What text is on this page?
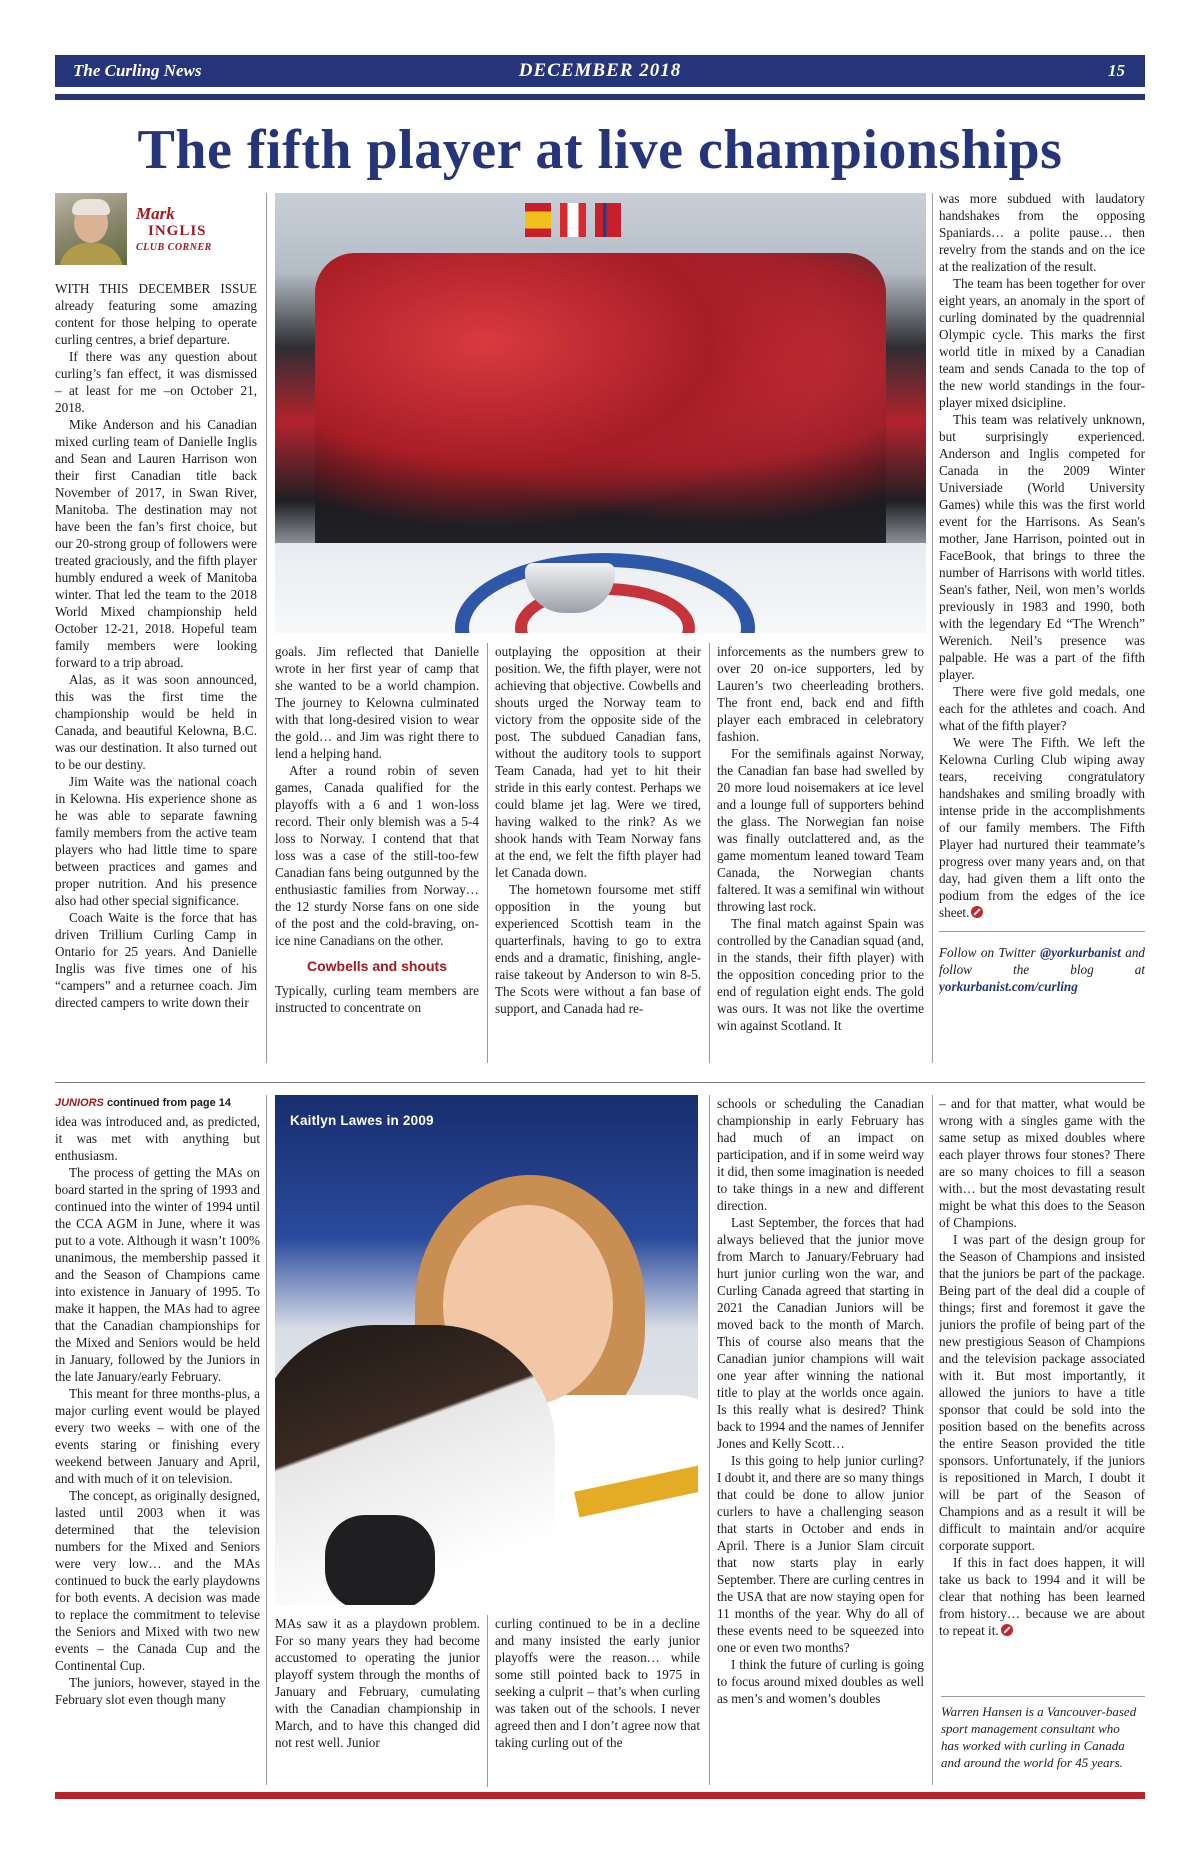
The Curling News	DECEMBER 2018	15
The fifth player at live championships
Mark
INGLIS
CLUB CORNER

WITH THIS DECEMBER ISSUE already featuring some amazing content for those helping to operate curling centres, a brief departure.

If there was any question about curling’s fan effect, it was dismissed – at least for me –on October 21, 2018.

Mike Anderson and his Canadian mixed curling team of Danielle Inglis and Sean and Lauren Harrison won their first Canadian title back November of 2017, in Swan River, Manitoba. The destination may not have been the fan’s first choice, but our 20-strong group of followers were treated graciously, and the fifth player humbly endured a week of Manitoba winter. That led the team to the 2018 World Mixed championship held October 12-21, 2018. Hopeful team family members were looking forward to a trip abroad.

Alas, as it was soon announced, this was the first time the championship would be held in Canada, and beautiful Kelowna, B.C. was our destination. It also turned out to be our destiny.

Jim Waite was the national coach in Kelowna. His experience shone as he was able to separate fawning family members from the active team players who had little time to spare between practices and games and proper nutrition. And his presence also had other special significance.

Coach Waite is the force that has driven Trillium Curling Camp in Ontario for 25 years. And Danielle Inglis was five times one of his “campers” and a returnee coach. Jim directed campers to write down their

goals. Jim reflected that Danielle wrote in her first year of camp that she wanted to be a world champion. The journey to Kelowna culminated with that long-desired vision to wear the gold… and Jim was right there to lend a helping hand.

After a round robin of seven games, Canada qualified for the playoffs with a 6 and 1 won-loss record. Their only blemish was a 5-4 loss to Norway. I contend that that loss was a case of the still-too-few Canadian fans being outgunned by the enthusiastic families from Norway… the 12 sturdy Norse fans on one side of the post and the cold-braving, on-ice nine Canadians on the other.

Cowbells and shouts

Typically, curling team members are instructed to concentrate on

outplaying the opposition at their position. We, the fifth player, were not achieving that objective. Cowbells and shouts urged the Norway team to victory from the opposite side of the post. The subdued Canadian fans, without the auditory tools to support Team Canada, had yet to hit their stride in this early contest. Perhaps we could blame jet lag. Were we tired, having walked to the rink? As we shook hands with Team Norway fans at the end, we felt the fifth player had let Canada down.

The hometown foursome met stiff opposition in the young but experienced Scottish team in the quarterfinals, having to go to extra ends and a dramatic, finishing, angle-raise takeout by Anderson to win 8-5. The Scots were without a fan base of support, and Canada had re-

inforcements as the numbers grew to over 20 on-ice supporters, led by Lauren’s two cheerleading brothers. The front end, back end and fifth player each embraced in celebratory fashion.

For the semifinals against Norway, the Canadian fan base had swelled by 20 more loud noisemakers at ice level and a lounge full of supporters behind the glass. The Norwegian fan noise was finally outclattered and, as the game momentum leaned toward Team Canada, the Norwegian chants faltered. It was a semifinal win without throwing last rock.

The final match against Spain was controlled by the Canadian squad (and, in the stands, their fifth player) with the opposition conceding prior to the end of regulation eight ends. The gold was ours. It was not like the overtime win against Scotland. It

was more subdued with laudatory handshakes from the opposing Spaniards… a polite pause… then revelry from the stands and on the ice at the realization of the result.

The team has been together for over eight years, an anomaly in the sport of curling dominated by the quadrennial Olympic cycle. This marks the first world title in mixed by a Canadian team and sends Canada to the top of the new world standings in the four-player mixed dsicipline.

This team was relatively unknown, but surprisingly experienced. Anderson and Inglis competed for Canada in the 2009 Winter Universiade (World University Games) while this was the first world event for the Harrisons. As Sean's mother, Jane Harrison, pointed out in FaceBook, that brings to three the number of Harrisons with world titles. Sean's father, Neil, won men’s worlds previously in 1983 and 1990, both with the legendary Ed “The Wrench” Werenich. Neil’s presence was palpable. He was a part of the fifth player.

There were five gold medals, one each for the athletes and coach. And what of the fifth player?

We were The Fifth. We left the Kelowna Curling Club wiping away tears, receiving congratulatory handshakes and smiling broadly with intense pride in the accomplishments of our family members. The Fifth Player had nurtured their teammate’s progress over many years and, on that day, had given them a lift onto the podium from the edges of the ice sheet.

Follow on Twitter @yorkurbanist and follow the blog at yorkurbanist.com/curling

JUNIORS continued from page 14

idea was introduced and, as predicted, it was met with anything but enthusiasm.

The process of getting the MAs on board started in the spring of 1993 and continued into the winter of 1994 until the CCA AGM in June, where it was put to a vote. Although it wasn’t 100% unanimous, the membership passed it and the Season of Champions came into existence in January of 1995. To make it happen, the MAs had to agree that the Canadian championships for the Mixed and Seniors would be held in January, followed by the Juniors in the late January/early February.

This meant for three months-plus, a major curling event would be played every two weeks – with one of the events staring or finishing every weekend between January and April, and with much of it on television.

The concept, as originally designed, lasted until 2003 when it was determined that the television numbers for the Mixed and Seniors were very low… and the MAs continued to buck the early playdowns for both events. A decision was made to replace the commitment to televise the Seniors and Mixed with two new events – the Canada Cup and the Continental Cup.

The juniors, however, stayed in the February slot even though many

Kaitlyn Lawes in 2009

MAs saw it as a playdown problem. For so many years they had become accustomed to operating the junior playoff system through the months of January and February, cumulating with the Canadian championship in March, and to have this changed did not rest well. Junior

curling continued to be in a decline and many insisted the early junior playoffs were the reason… while some still pointed back to 1975 in seeking a culprit – that’s when curling was taken out of the schools. I never agreed then and I don’t agree now that taking curling out of the

schools or scheduling the Canadian championship in early February has had much of an impact on participation, and if in some weird way it did, then some imagination is needed to take things in a new and different direction.

Last September, the forces that had always believed that the junior move from March to January/February had hurt junior curling won the war, and Curling Canada agreed that starting in 2021 the Canadian Juniors will be moved back to the month of March. This of course also means that the Canadian junior champions will wait one year after winning the national title to play at the worlds once again. Is this really what is desired? Think back to 1994 and the names of Jennifer Jones and Kelly Scott…

Is this going to help junior curling? I doubt it, and there are so many things that could be done to allow junior curlers to have a challenging season that starts in October and ends in April. There is a Junior Slam circuit that now starts play in early September. There are curling centres in the USA that are now staying open for 11 months of the year. Why do all of these events need to be squeezed into one or even two months?

I think the future of curling is going to focus around mixed doubles as well as men’s and women’s doubles

– and for that matter, what would be wrong with a singles game with the same setup as mixed doubles where each player throws four stones? There are so many choices to fill a season with… but the most devastating result might be what this does to the Season of Champions.

I was part of the design group for the Season of Champions and insisted that the juniors be part of the package. Being part of the deal did a couple of things; first and foremost it gave the juniors the profile of being part of the new prestigious Season of Champions and the television package associated with it. But most importantly, it allowed the juniors to have a title sponsor that could be sold into the position based on the benefits across the entire Season provided the title sponsors. Unfortunately, if the juniors is repositioned in March, I doubt it will be part of the Season of Champions and as a result it will be difficult to maintain and/or acquire corporate support.

If this in fact does happen, it will take us back to 1994 and it will be clear that nothing has been learned from history… because we are about to repeat it.

Warren Hansen is a Vancouver-based sport management consultant who has worked with curling in Canada and around the world for 45 years.
